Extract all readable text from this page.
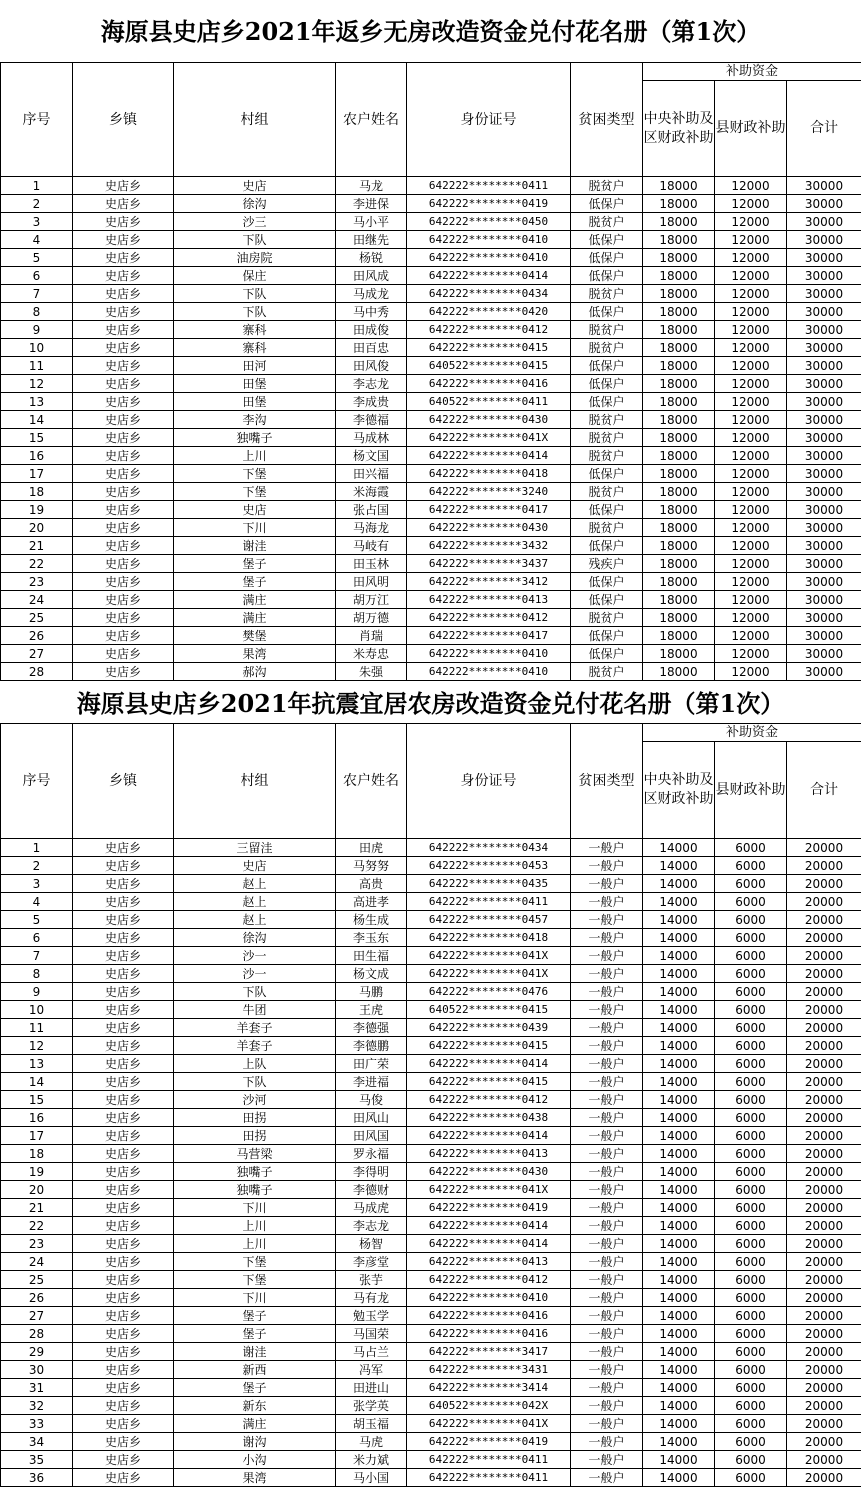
海原县史店乡2021年返乡无房改造资金兑付花名册（第1次）
序号	乡镇	村组	农户姓名	身份证号	贫困类型	补助资金		
						中央补助及区财政补助	县财政补助	合计
1	史店乡	史店	马龙	642222********0411	脱贫户	18000	12000	30000
2	史店乡	徐沟	李进保	642222********0419	低保户	18000	12000	30000
3	史店乡	沙三	马小平	642222********0450	脱贫户	18000	12000	30000
4	史店乡	下队	田继先	642222********0410	低保户	18000	12000	30000
5	史店乡	油房院	杨锐	642222********0410	低保户	18000	12000	30000
6	史店乡	保庄	田风成	642222********0414	低保户	18000	12000	30000
7	史店乡	下队	马成龙	642222********0434	脱贫户	18000	12000	30000
8	史店乡	下队	马中秀	642222********0420	低保户	18000	12000	30000
9	史店乡	寨科	田成俊	642222********0412	脱贫户	18000	12000	30000
10	史店乡	寨科	田百忠	642222********0415	脱贫户	18000	12000	30000
11	史店乡	田河	田风俊	640522********0415	低保户	18000	12000	30000
12	史店乡	田堡	李志龙	642222********0416	低保户	18000	12000	30000
13	史店乡	田堡	李成贵	640522********0411	低保户	18000	12000	30000
14	史店乡	李沟	李德福	642222********0430	脱贫户	18000	12000	30000
15	史店乡	独嘴子	马成林	642222********041X	脱贫户	18000	12000	30000
16	史店乡	上川	杨文国	642222********0414	脱贫户	18000	12000	30000
17	史店乡	下堡	田兴福	642222********0418	低保户	18000	12000	30000
18	史店乡	下堡	米海霞	642222********3240	脱贫户	18000	12000	30000
19	史店乡	史店	张占国	642222********0417	低保户	18000	12000	30000
20	史店乡	下川	马海龙	642222********0430	脱贫户	18000	12000	30000
21	史店乡	谢洼	马岐有	642222********3432	低保户	18000	12000	30000
22	史店乡	堡子	田玉林	642222********3437	残疾户	18000	12000	30000
23	史店乡	堡子	田风明	642222********3412	低保户	18000	12000	30000
24	史店乡	满庄	胡万江	642222********0413	低保户	18000	12000	30000
25	史店乡	满庄	胡万德	642222********0412	脱贫户	18000	12000	30000
26	史店乡	樊堡	肖瑞	642222********0417	低保户	18000	12000	30000
27	史店乡	果湾	米寿忠	642222********0410	低保户	18000	12000	30000
28	史店乡	郝沟	朱强	642222********0410	脱贫户	18000	12000	30000
海原县史店乡2021年抗震宜居农房改造资金兑付花名册（第1次）
序号	乡镇	村组	农户姓名	身份证号	贫困类型	补助资金		
						中央补助及区财政补助	县财政补助	合计
1	史店乡	三留洼	田虎	642222********0434	一般户	14000	6000	20000
2	史店乡	史店	马努努	642222********0453	一般户	14000	6000	20000
3	史店乡	赵上	高贵	642222********0435	一般户	14000	6000	20000
4	史店乡	赵上	高进孝	642222********0411	一般户	14000	6000	20000
5	史店乡	赵上	杨生成	642222********0457	一般户	14000	6000	20000
6	史店乡	徐沟	李玉东	642222********0418	一般户	14000	6000	20000
7	史店乡	沙一	田生福	642222********041X	一般户	14000	6000	20000
8	史店乡	沙一	杨文成	642222********041X	一般户	14000	6000	20000
9	史店乡	下队	马鹏	642222********0476	一般户	14000	6000	20000
10	史店乡	牛团	王虎	640522********0415	一般户	14000	6000	20000
11	史店乡	羊套子	李德强	642222********0439	一般户	14000	6000	20000
12	史店乡	羊套子	李德鹏	642222********0415	一般户	14000	6000	20000
13	史店乡	上队	田广荣	642222********0414	一般户	14000	6000	20000
14	史店乡	下队	李进福	642222********0415	一般户	14000	6000	20000
15	史店乡	沙河	马俊	642222********0412	一般户	14000	6000	20000
16	史店乡	田拐	田风山	642222********0438	一般户	14000	6000	20000
17	史店乡	田拐	田风国	642222********0414	一般户	14000	6000	20000
18	史店乡	马营梁	罗永福	642222********0413	一般户	14000	6000	20000
19	史店乡	独嘴子	李得明	642222********0430	一般户	14000	6000	20000
20	史店乡	独嘴子	李德财	642222********041X	一般户	14000	6000	20000
21	史店乡	下川	马成虎	642222********0419	一般户	14000	6000	20000
22	史店乡	上川	李志龙	642222********0414	一般户	14000	6000	20000
23	史店乡	上川	杨智	642222********0414	一般户	14000	6000	20000
24	史店乡	下堡	李彦堂	642222********0413	一般户	14000	6000	20000
25	史店乡	下堡	张芋	642222********0412	一般户	14000	6000	20000
26	史店乡	下川	马有龙	642222********0410	一般户	14000	6000	20000
27	史店乡	堡子	勉玉学	642222********0416	一般户	14000	6000	20000
28	史店乡	堡子	马国荣	642222********0416	一般户	14000	6000	20000
29	史店乡	谢洼	马占兰	642222********3417	一般户	14000	6000	20000
30	史店乡	新西	冯军	642222********3431	一般户	14000	6000	20000
31	史店乡	堡子	田进山	642222********3414	一般户	14000	6000	20000
32	史店乡	新东	张学英	640522********042X	一般户	14000	6000	20000
33	史店乡	满庄	胡玉福	642222********041X	一般户	14000	6000	20000
34	史店乡	谢沟	马虎	642222********0419	一般户	14000	6000	20000
35	史店乡	小沟	米力斌	642222********0411	一般户	14000	6000	20000
36	史店乡	果湾	马小国	642222********0411	一般户	14000	6000	20000
